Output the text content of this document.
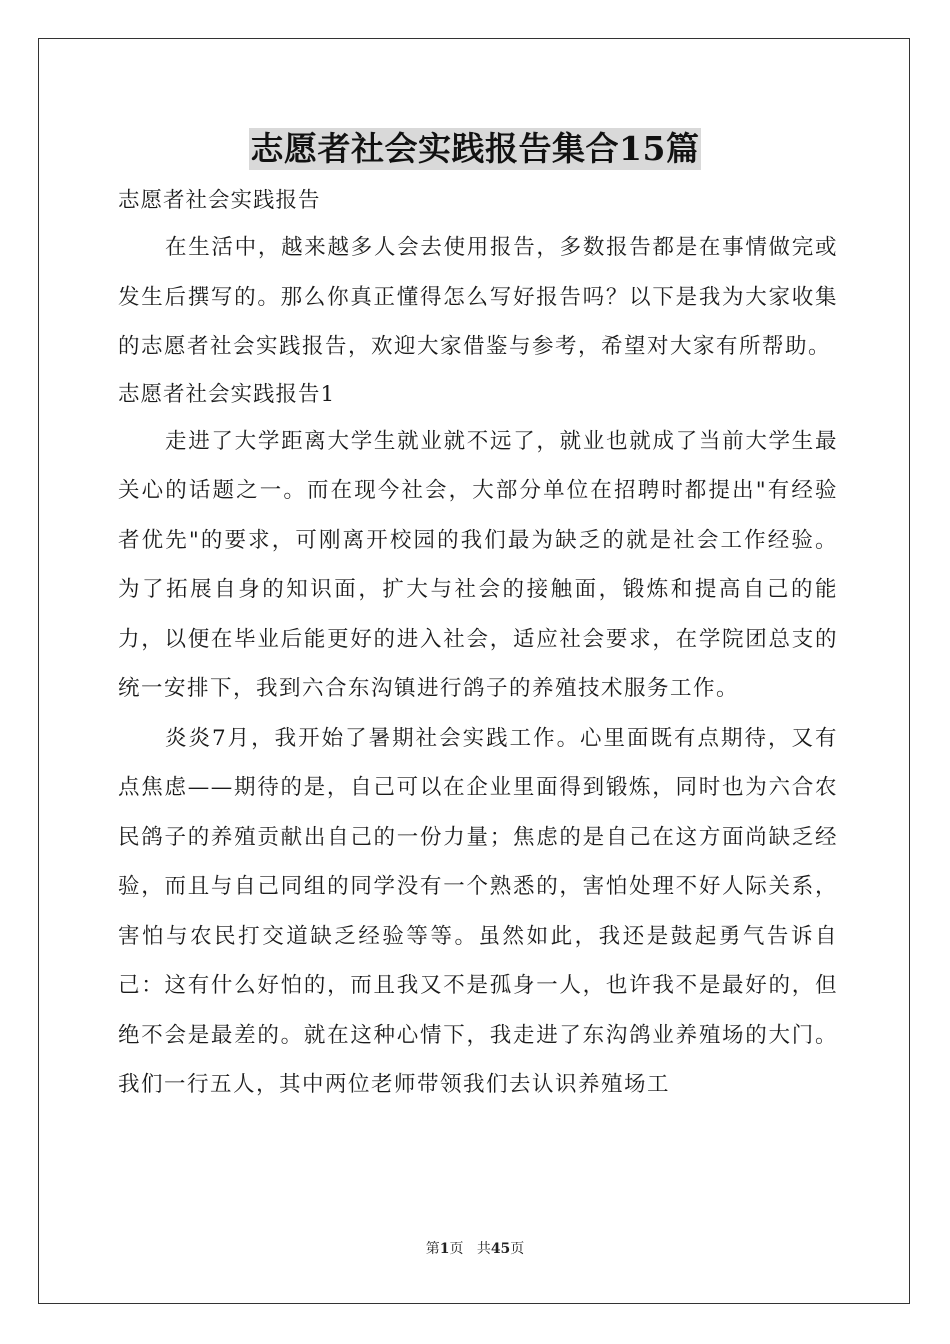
志愿者社会实践报告集合15篇
志愿者社会实践报告

在生活中，越来越多人会去使用报告，多数报告都是在事情做完或发生后撰写的。那么你真正懂得怎么写好报告吗？以下是我为大家收集的志愿者社会实践报告，欢迎大家借鉴与参考，希望对大家有所帮助。

志愿者社会实践报告1

走进了大学距离大学生就业就不远了，就业也就成了当前大学生最关心的话题之一。而在现今社会，大部分单位在招聘时都提出"有经验者优先"的要求，可刚离开校园的我们最为缺乏的就是社会工作经验。为了拓展自身的知识面，扩大与社会的接触面，锻炼和提高自己的能力，以便在毕业后能更好的进入社会，适应社会要求，在学院团总支的统一安排下，我到六合东沟镇进行鸽子的养殖技术服务工作。

炎炎7月，我开始了暑期社会实践工作。心里面既有点期待，又有点焦虑——期待的是，自己可以在企业里面得到锻炼，同时也为六合农民鸽子的养殖贡献出自己的一份力量；焦虑的是自己在这方面尚缺乏经验，而且与自己同组的同学没有一个熟悉的，害怕处理不好人际关系，害怕与农民打交道缺乏经验等等。虽然如此，我还是鼓起勇气告诉自己：这有什么好怕的，而且我又不是孤身一人，也许我不是最好的，但绝不会是最差的。就在这种心情下，我走进了东沟鸽业养殖场的大门。我们一行五人，其中两位老师带领我们去认识养殖场工

第1页 共45页
